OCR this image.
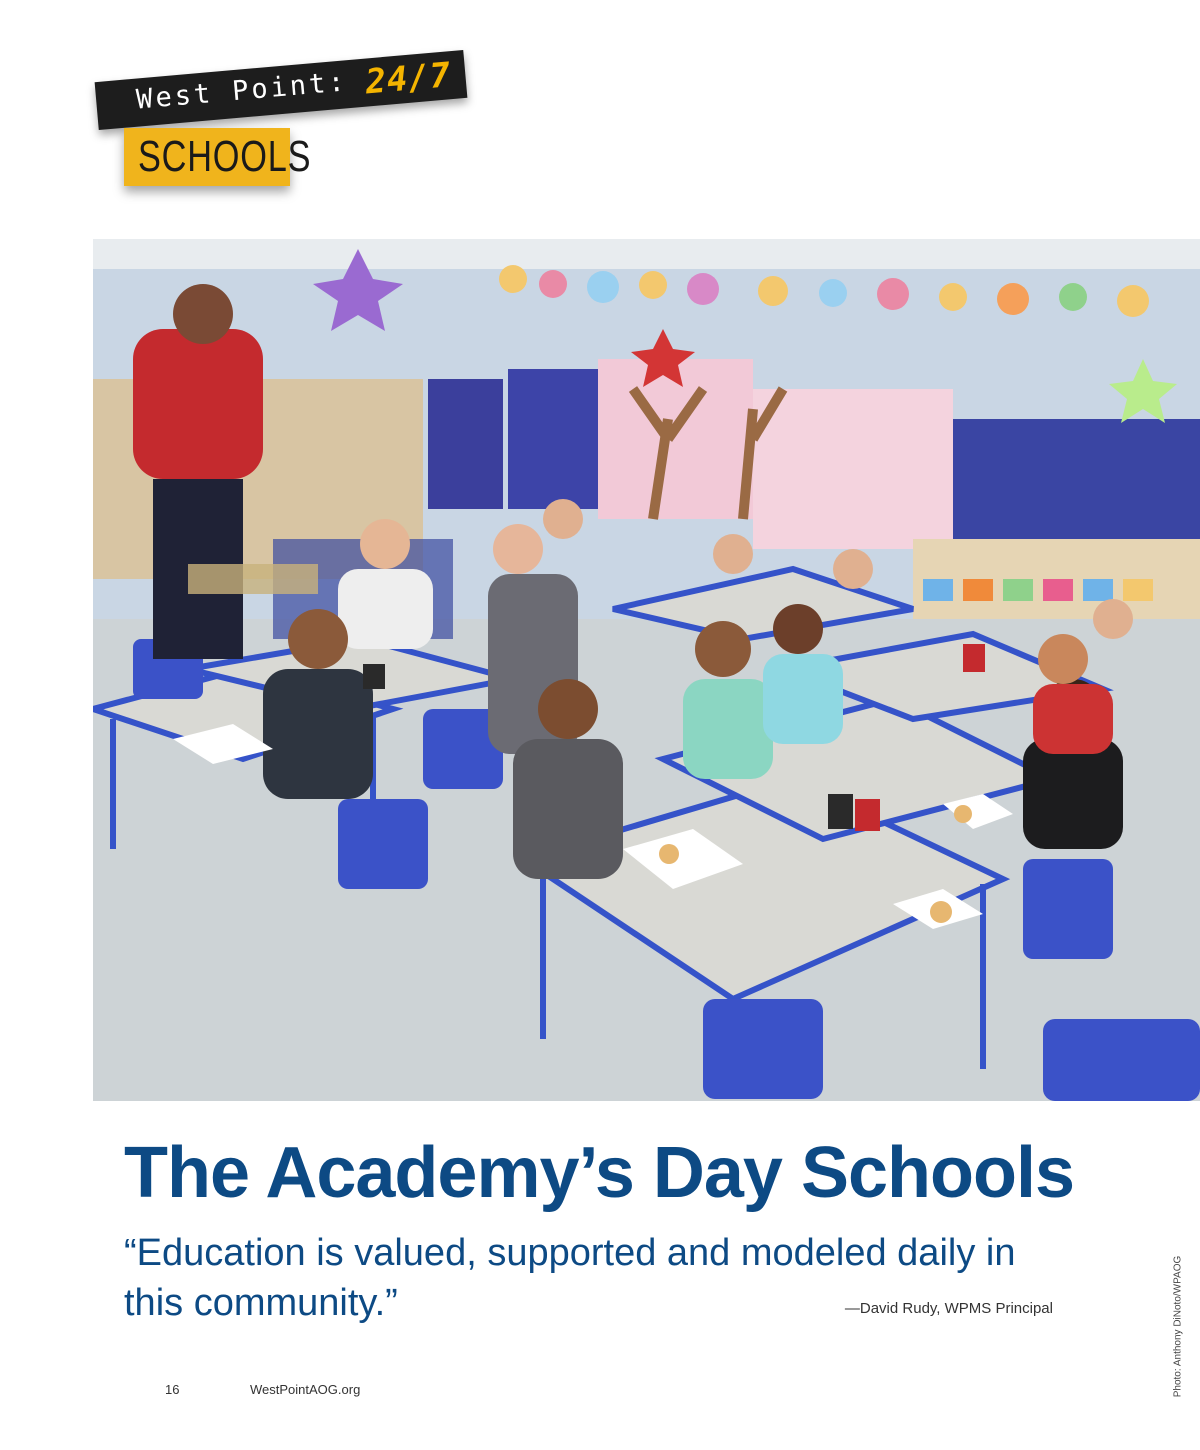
West Point: 24/7
SCHOOLS
The Academy’s Day Schools

“Education is valued, supported and modeled daily in this community.”	—David Rudy, WPMS Principal	Photo: Anthony DiNoto/WPAOG
16	WestPointAOG.org
